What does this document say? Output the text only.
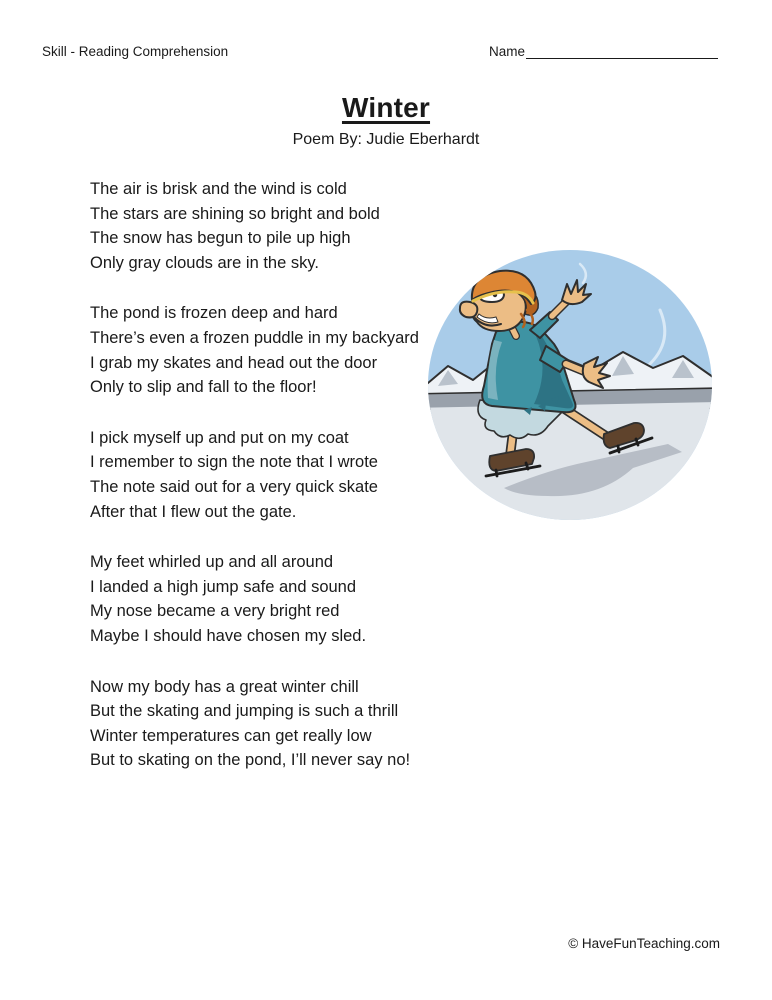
Skill - Reading Comprehension	Name
Winter
Poem By: Judie Eberhardt

The air is brisk and the wind is cold

The stars are shining so bright and bold

The snow has begun to pile up high

Only gray clouds are in the sky.

The pond is frozen deep and hard

There’s even a frozen puddle in my backyard

I grab my skates and head out the door

Only to slip and fall to the floor!

I pick myself up and put on my coat

I remember to sign the note that I wrote

The note said out for a very quick skate

After that I flew out the gate.

My feet whirled up and all around

I landed a high jump safe and sound

My nose became a very bright red

Maybe I should have chosen my sled.

Now my body has a great winter chill

But the skating and jumping is such a thrill

Winter temperatures can get really low

But to skating on the pond, I’ll never say no!

© HaveFunTeaching.com
